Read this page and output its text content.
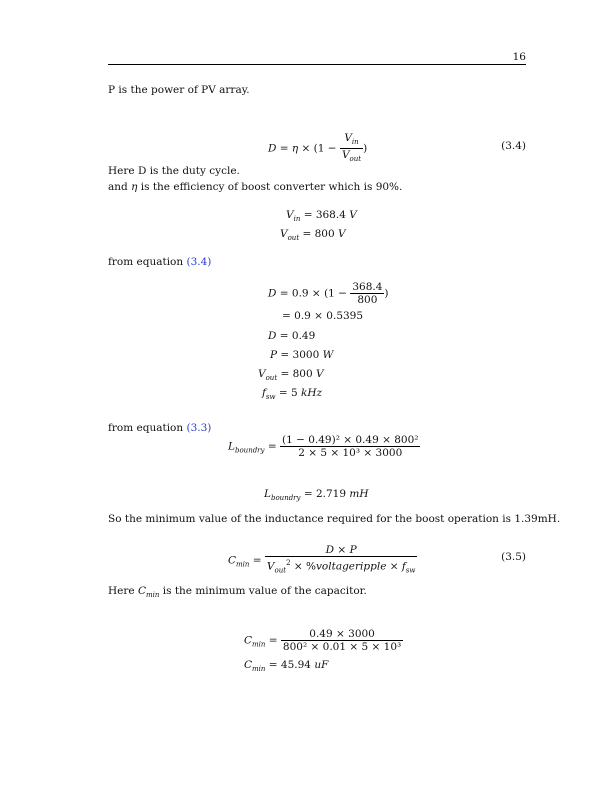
16
P is the power of PV array.
D = η × (1 −
$V_{in}$
$V_{out}$
)	(3.4)
Here D is the duty cycle.
and η is the efficiency of boost converter which is 90%.
$V_{in} = 368.4$ V
$V_{out} = 800$ V
from equation (3.4)
$D = 0.9 \times (1 - \frac{368.4}{800}$ )
= 0.9 × 0.5395
D = 0.49
P = 3000 W
$V_{out} = 800$ V
$f_{sw} = 5$ kHz
from equation (3.3)
$L_{boundry} = \frac{\text{(1 − 0.49)² × 0.49 × 800²}}{\text{2 × 5 × 10³ × 3000}}$
$L_{boundry} = 2.719$ mH
So the minimum value of the inductance required for the boost operation is 1.39mH.
$C_{min}$ =
D × P
$V_{out}^2$ × %voltageripple × $f_{sw}$
(3.5)
Here $C_{min}$ is the minimum value of the capacitor.
$C_{min} = \frac{0.49 \times 3000}{\text{800² × 0.01 × 5 × 10³}}$
$C_{min} = 45.94$ uF
